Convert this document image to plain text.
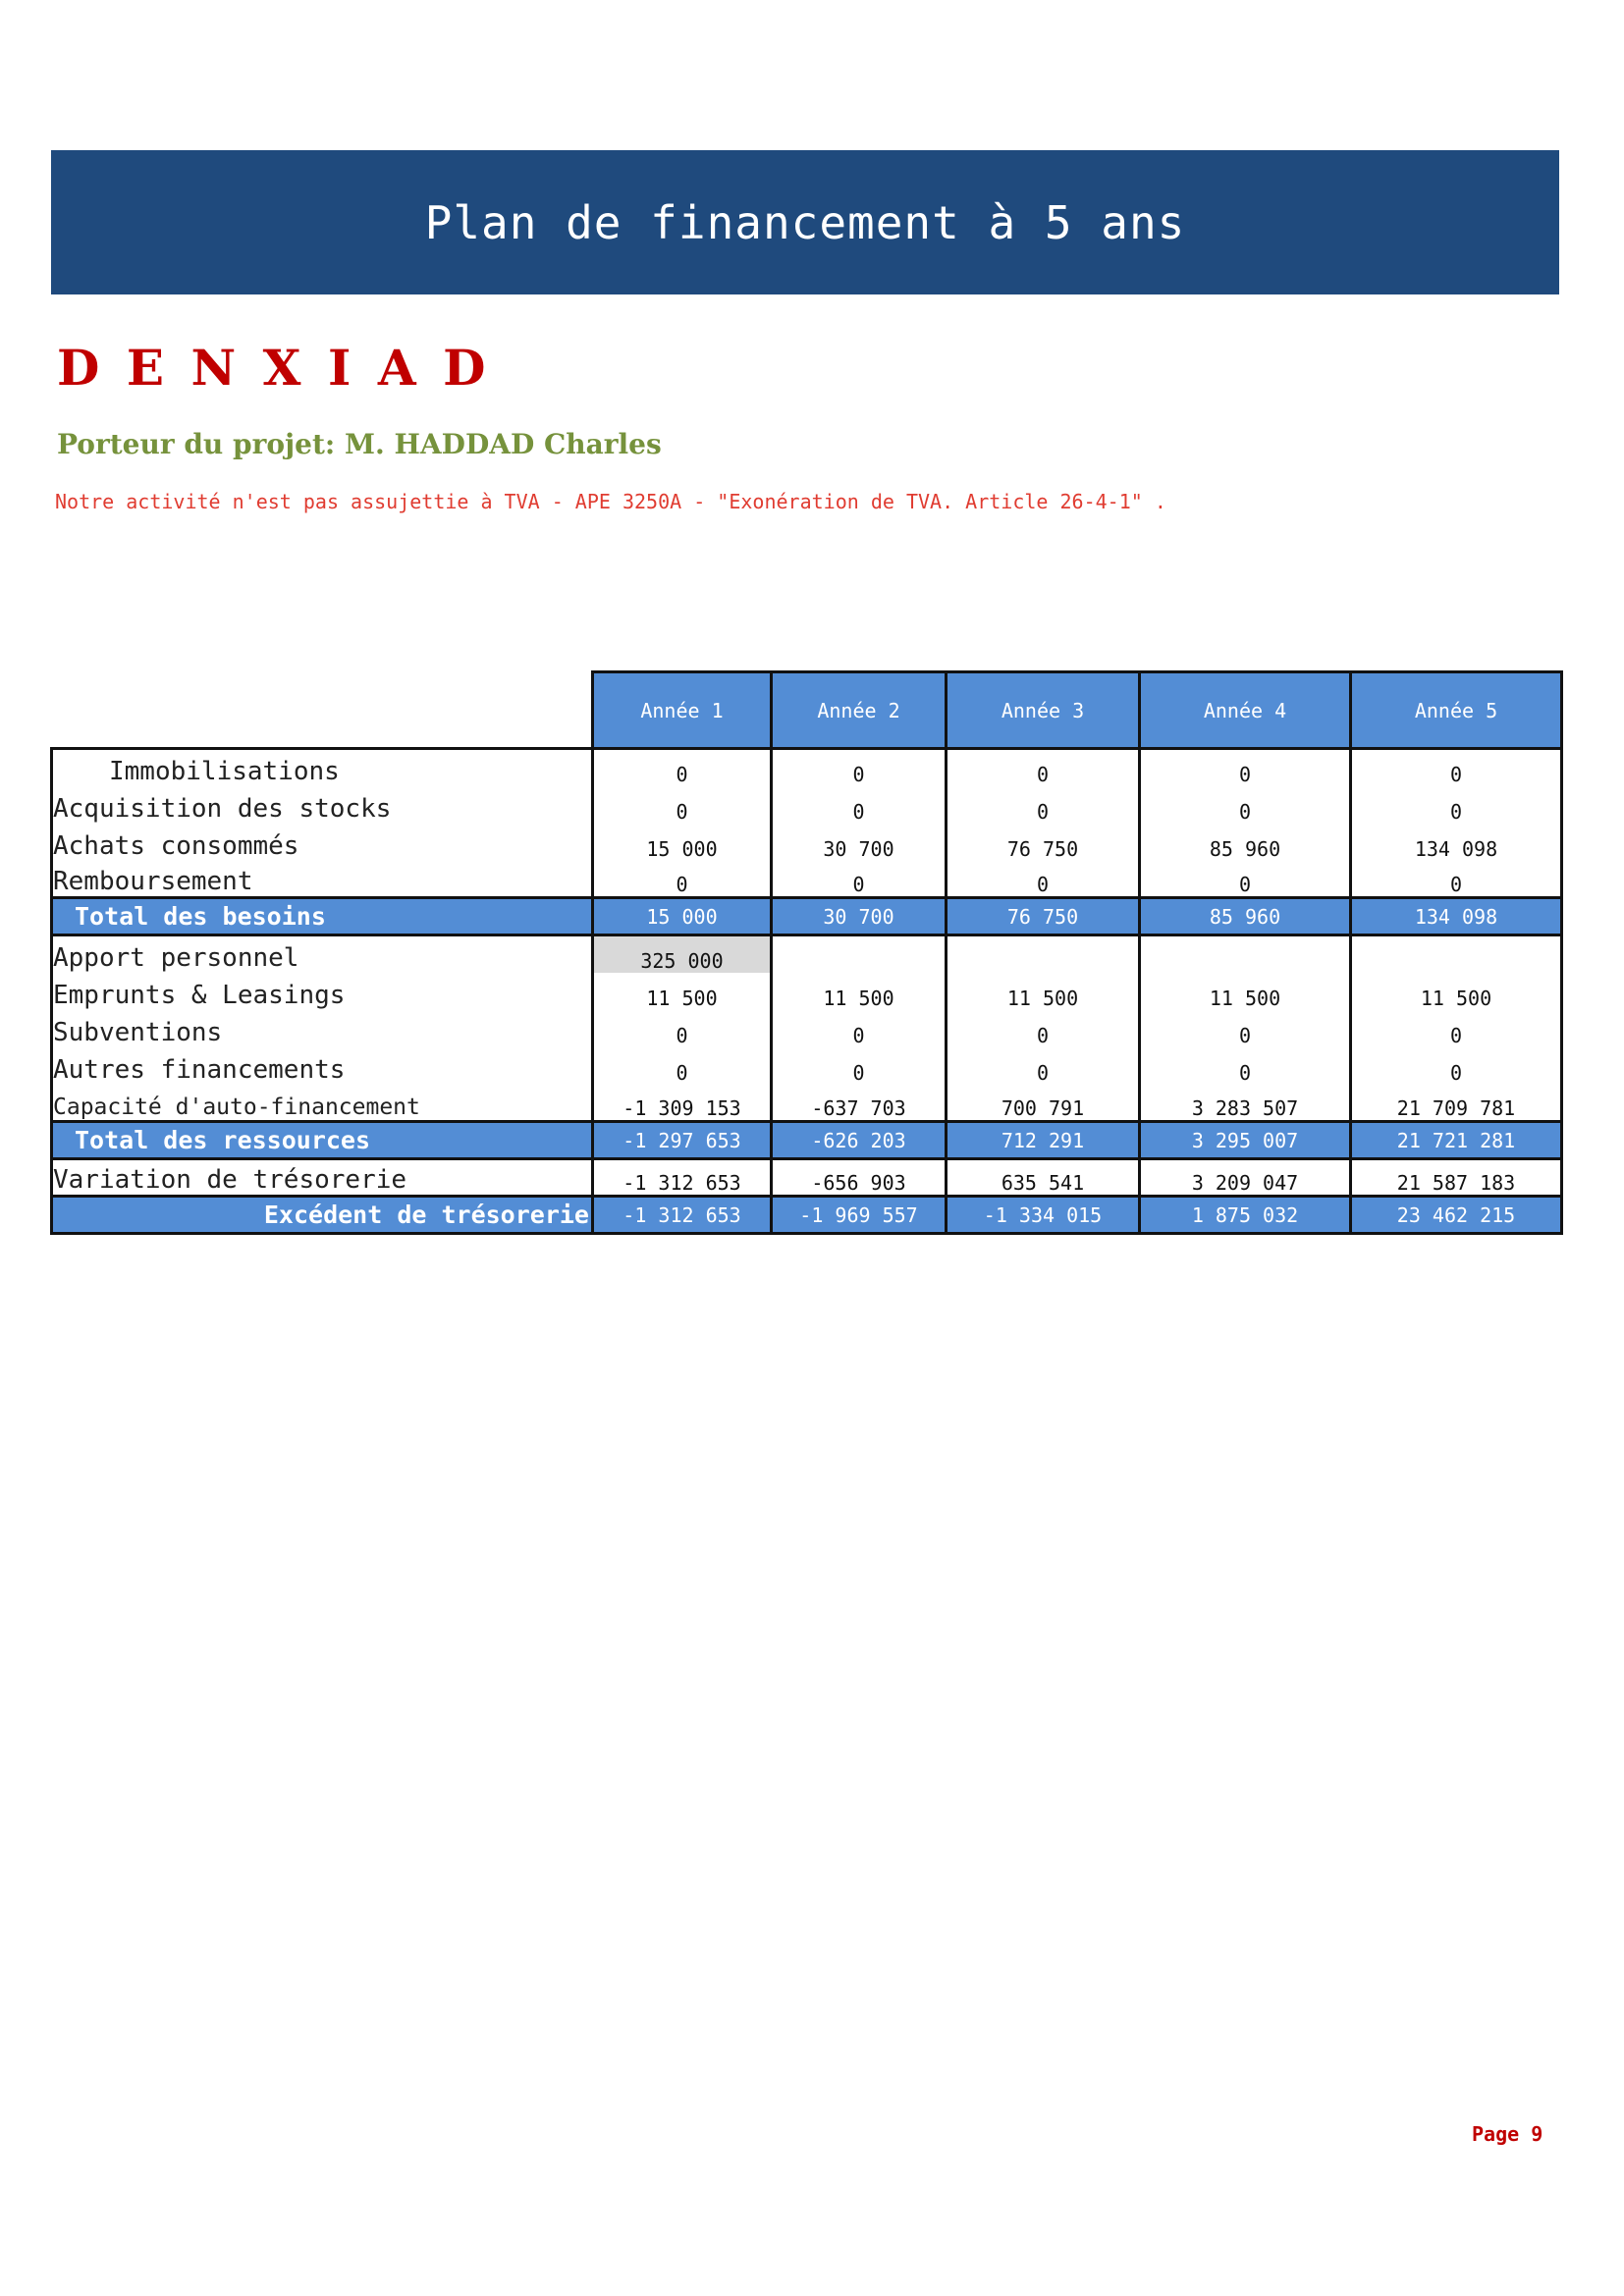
Plan de financement à 5 ans
DENXIAD
Porteur du projet: M. HADDAD Charles
Notre activité n'est pas assujettie à TVA - APE 3250A - "Exonération de TVA. Article 26-4-1" .
	Année 1	Année 2	Année 3	Année 4	Année 5
Immobilisations	0	0	0	0	0
Acquisition des stocks	0	0	0	0	0
Achats consommés	15 000	30 700	76 750	85 960	134 098
Remboursement	0	0	0	0	0
Total des besoins	15 000	30 700	76 750	85 960	134 098
Apport personnel	325 000				
Emprunts & Leasings	11 500	11 500	11 500	11 500	11 500
Subventions	0	0	0	0	0
Autres financements	0	0	0	0	0
Capacité d'auto-financement	-1 309 153	-637 703	700 791	3 283 507	21 709 781
Total des ressources	-1 297 653	-626 203	712 291	3 295 007	21 721 281
Variation de trésorerie	-1 312 653	-656 903	635 541	3 209 047	21 587 183
Excédent de trésorerie	-1 312 653	-1 969 557	-1 334 015	1 875 032	23 462 215
Page 9
